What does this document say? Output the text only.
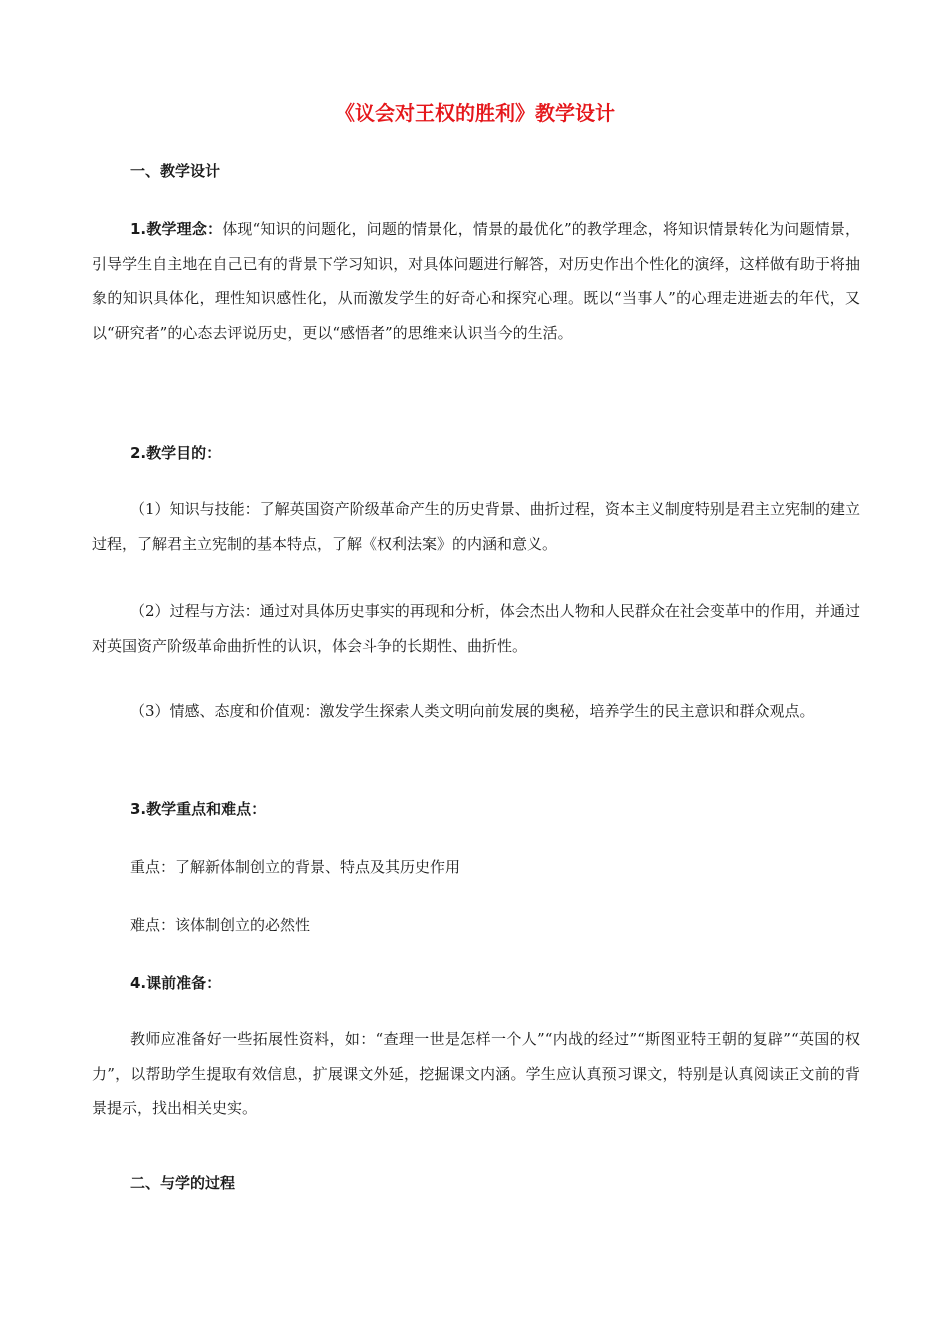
《议会对王权的胜利》教学设计
一、教学设计
1.教学理念：体现“知识的问题化，问题的情景化，情景的最优化”的教学理念，将知识情景转化为问题情景，引导学生自主地在自己已有的背景下学习知识，对具体问题进行解答，对历史作出个性化的演绎，这样做有助于将抽象的知识具体化，理性知识感性化，从而激发学生的好奇心和探究心理。既以“当事人”的心理走进逝去的年代，又以“研究者”的心态去评说历史，更以“感悟者”的思维来认识当今的生活。
2.教学目的：
（1）知识与技能：了解英国资产阶级革命产生的历史背景、曲折过程，资本主义制度特别是君主立宪制的建立过程，了解君主立宪制的基本特点，了解《权利法案》的内涵和意义。
（2）过程与方法：通过对具体历史事实的再现和分析，体会杰出人物和人民群众在社会变革中的作用，并通过对英国资产阶级革命曲折性的认识，体会斗争的长期性、曲折性。
（3）情感、态度和价值观：激发学生探索人类文明向前发展的奥秘，培养学生的民主意识和群众观点。
3.教学重点和难点：
重点：了解新体制创立的背景、特点及其历史作用
难点：该体制创立的必然性
4.课前准备：
教师应准备好一些拓展性资料，如：“查理一世是怎样一个人”“内战的经过”“斯图亚特王朝的复辟”“英国的权力”，以帮助学生提取有效信息，扩展课文外延，挖掘课文内涵。学生应认真预习课文，特别是认真阅读正文前的背景提示，找出相关史实。
二、与学的过程
